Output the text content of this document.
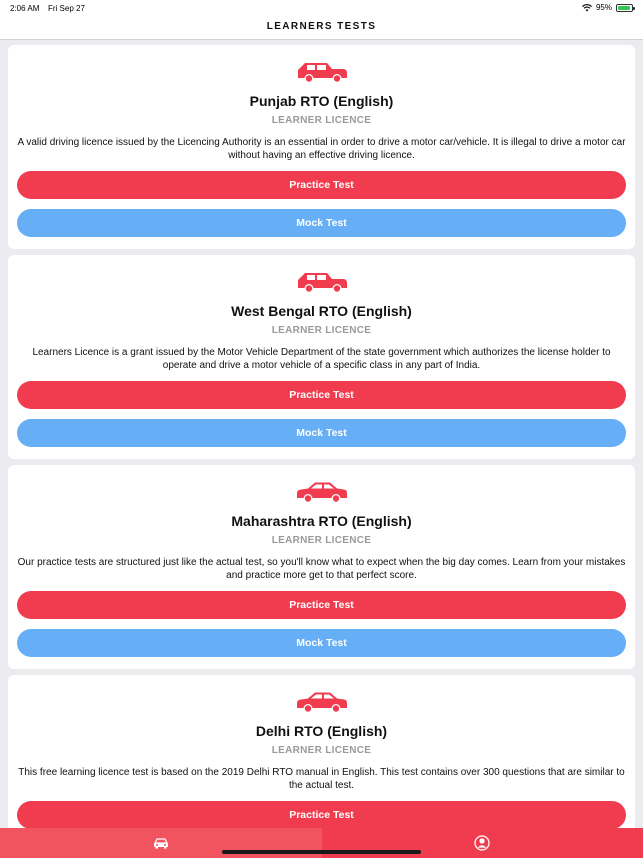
2:06 AM Fri Sep 27	95%
LEARNERS TESTS
Punjab RTO (English)
LEARNER LICENCE
A valid driving licence issued by the Licencing Authority is an essential in order to drive a motor car/vehicle. It is illegal to drive a motor car without having an effective driving licence.
Practice Test
Mock Test
West Bengal RTO (English)
LEARNER LICENCE
Learners Licence is a grant issued by the Motor Vehicle Department of the state government which authorizes the license holder to operate and drive a motor vehicle of a specific class in any part of India.
Practice Test
Mock Test
Maharashtra RTO (English)
LEARNER LICENCE
Our practice tests are structured just like the actual test, so you'll know what to expect when the big day comes. Learn from your mistakes and practice more get to that perfect score.
Practice Test
Mock Test
Delhi RTO (English)
LEARNER LICENCE
This free learning licence test is based on the 2019 Delhi RTO manual in English. This test contains over 300 questions that are similar to the actual test.
Practice Test
